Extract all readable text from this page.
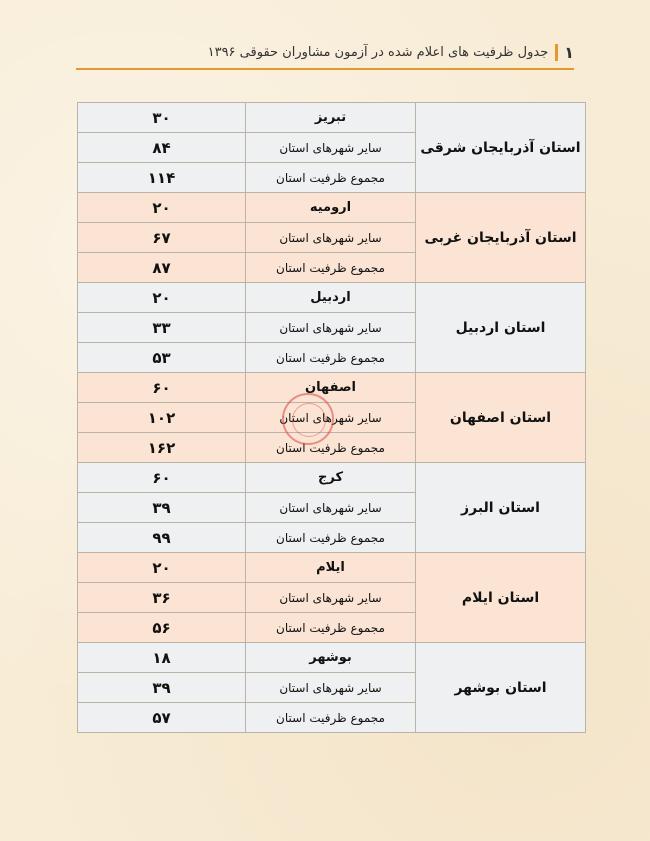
۱
جدول ظرفیت های اعلام شده در آزمون مشاوران حقوقی ۱۳۹۶
استان آذربایجان شرقی	تبریز	۳۰
	سایر شهرهای استان	۸۴
	مجموع ظرفیت استان	۱۱۴
استان آذربایجان غربی	ارومیه	۲۰
	سایر شهرهای استان	۶۷
	مجموع ظرفیت استان	۸۷
استان اردبیل	اردبیل	۲۰
	سایر شهرهای استان	۳۳
	مجموع ظرفیت استان	۵۳
استان اصفهان	اصفهان	۶۰
	سایر شهرهای استان	۱۰۲
	مجموع ظرفیت استان	۱۶۲
استان البرز	کرج	۶۰
	سایر شهرهای استان	۳۹
	مجموع ظرفیت استان	۹۹
استان ایلام	ایلام	۲۰
	سایر شهرهای استان	۳۶
	مجموع ظرفیت استان	۵۶
استان بوشهر	بوشهر	۱۸
	سایر شهرهای استان	۳۹
	مجموع ظرفیت استان	۵۷
